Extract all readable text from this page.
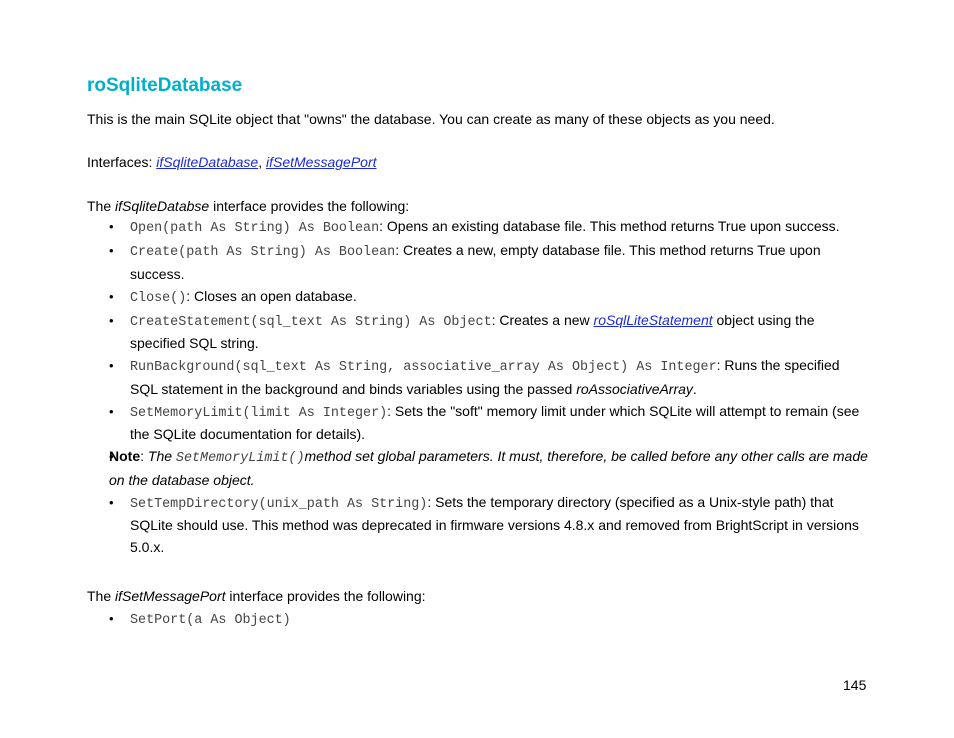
roSqliteDatabase

This is the main SQLite object that "owns" the database. You can create as many of these objects as you need.

Interfaces: ifSqliteDatabase, ifSetMessagePort

The ifSqliteDatabse interface provides the following:

• Open(path As String) As Boolean: Opens an existing database file. This method returns True upon success.
• Create(path As String) As Boolean: Creates a new, empty database file. This method returns True upon success.
• Close(): Closes an open database.
• CreateStatement(sql_text As String) As Object: Creates a new roSqlLiteStatement object using the specified SQL string.
• RunBackground(sql_text As String, associative_array As Object) As Integer: Runs the specified SQL statement in the background and binds variables using the passed roAssociativeArray.
• SetMemoryLimit(limit As Integer): Sets the "soft" memory limit under which SQLite will attempt to remain (see the SQLite documentation for details).
• Note: The SetMemoryLimit()method set global parameters. It must, therefore, be called before any other calls are made on the database object.
• SetTempDirectory(unix_path As String): Sets the temporary directory (specified as a Unix-style path) that SQLite should use. This method was deprecated in firmware versions 4.8.x and removed from BrightScript in versions 5.0.x.

The ifSetMessagePort interface provides the following:

• SetPort(a As Object)
145
